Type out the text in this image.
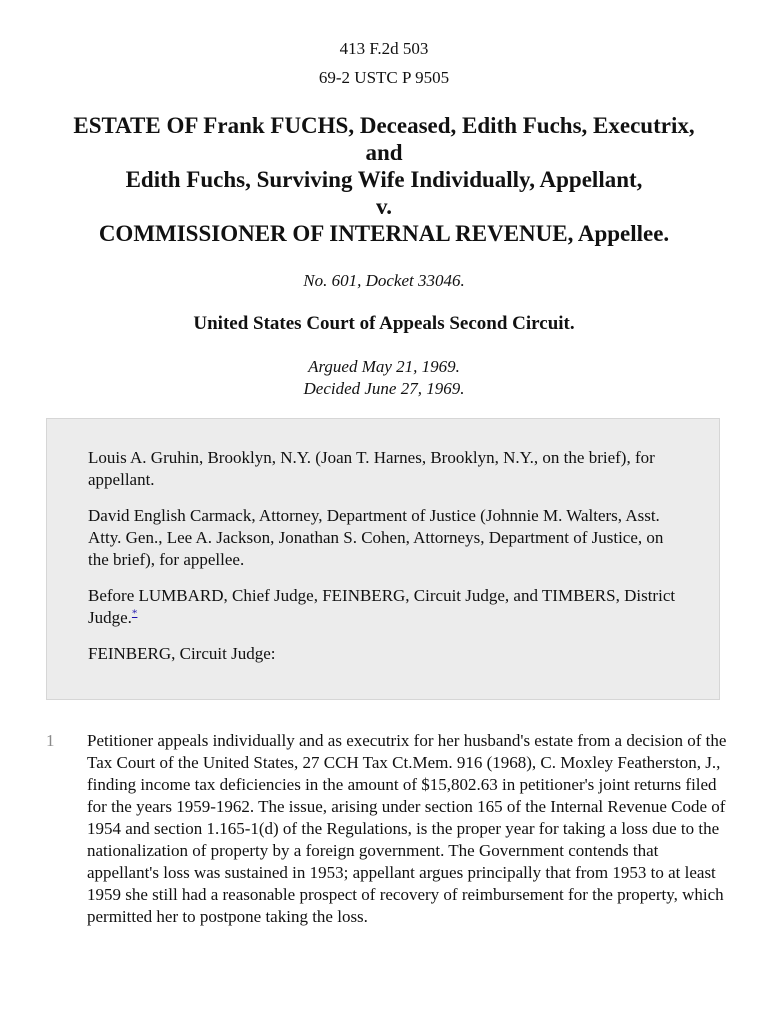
413 F.2d 503
69-2 USTC P 9505
ESTATE OF Frank FUCHS, Deceased, Edith Fuchs, Executrix,
and
Edith Fuchs, Surviving Wife Individually, Appellant,
v.
COMMISSIONER OF INTERNAL REVENUE, Appellee.
No. 601, Docket 33046.
United States Court of Appeals Second Circuit.
Argued May 21, 1969.
Decided June 27, 1969.

Louis A. Gruhin, Brooklyn, N.Y. (Joan T. Harnes, Brooklyn, N.Y., on the brief), for appellant.

David English Carmack, Attorney, Department of Justice (Johnnie M. Walters, Asst. Atty. Gen., Lee A. Jackson, Jonathan S. Cohen, Attorneys, Department of Justice, on the brief), for appellee.

Before LUMBARD, Chief Judge, FEINBERG, Circuit Judge, and TIMBERS, District Judge.*

FEINBERG, Circuit Judge:

1	Petitioner appeals individually and as executrix for her husband's estate from a decision of the Tax Court of the United States, 27 CCH Tax Ct.Mem. 916 (1968), C. Moxley Featherston, J., finding income tax deficiencies in the amount of $15,802.63 in petitioner's joint returns filed for the years 1959-1962. The issue, arising under section 165 of the Internal Revenue Code of 1954 and section 1.165-1(d) of the Regulations, is the proper year for taking a loss due to the nationalization of property by a foreign government. The Government contends that appellant's loss was sustained in 1953; appellant argues principally that from 1953 to at least 1959 she still had a reasonable prospect of recovery of reimbursement for the property, which permitted her to postpone taking the loss.
